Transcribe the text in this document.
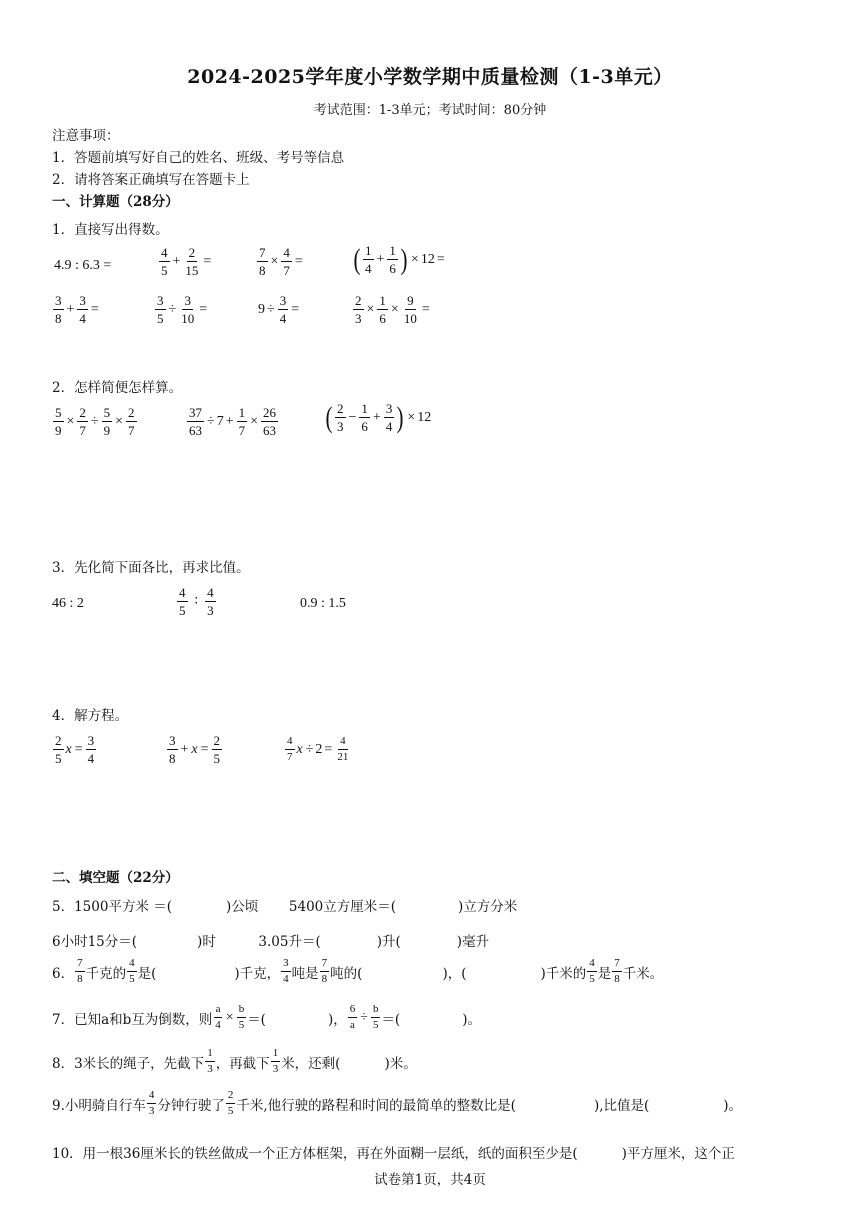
2024-2025学年度小学数学期中质量检测（1-3单元）
考试范围：1-3单元；考试时间：80分钟
注意事项：
1．答题前填写好自己的姓名、班级、考号等信息
2．请将答案正确填写在答题卡上
一、计算题（28分）
1．直接写出得数。
4.9 : 6.3 =	$\frac{4}{5} + \frac{2}{15}$ =	$\frac{7}{8} \times \frac{4}{7}$ = ( $\frac{1}{4} + \frac{1}{6}$ ) × 12 =
$\frac{3}{8} + \frac{3}{4}$ =	$\frac{3}{5} \div \frac{3}{10}$ =	$9 \div \frac{3}{4}$ =	$\frac{2}{3} \times \frac{1}{6} \times \frac{9}{10}$ =
2．怎样简便怎样算。
$\frac{5}{9} \times \frac{2}{7} \div \frac{5}{9} \times \frac{2}{7}$	$\frac{37}{63} \div 7 + \frac{1}{7} \times \frac{26}{63}$ ( $\frac{2}{3} - \frac{1}{6} + \frac{3}{4}$ ) × 12
3．先化简下面各比，再求比值。
46 : 2	$\frac{4}{5}$ ∶ $\frac{4}{3}$	0.9 : 1.5
4．解方程。
$\frac{2}{5}$ $x = \frac{3}{4}$	$\frac{3}{8} + x = \frac{2}{5}$	$\frac{4}{7}$ $x \div 2 = \frac{4}{21}$
二、填空题（22分）
5．1500平方米 ＝(	)公顷 5400立方厘米＝(	)立方分米
6小时15分＝(	)时	3.05升＝(	)升(	)毫升
6． $\frac{7}{8}$ 千克的 $\frac{4}{5}$ 是(	)千克， $\frac{3}{4}$ 吨是 $\frac{7}{8}$ 吨的(	)，(	)千米的 $\frac{4}{5}$ 是 $\frac{7}{8}$ 千米。
7．已知a和b互为倒数，则 $\frac{a}{4} \times \frac{b}{5}$ ＝(	)， $\frac{6}{a} \div \frac{b}{5}$ ＝(	)。
8．3米长的绳子，先截下 $\frac{1}{3}$ ，再截下 $\frac{1}{3}$ 米，还剩(	)米。
9.小明骑自行车 $\frac{4}{3}$ 分钟行驶了 $\frac{2}{5}$ 千米,他行驶的路程和时间的最简单的整数比是(	),比值是(	)。
10．用一根36厘米长的铁丝做成一个正方体框架，再在外面糊一层纸，纸的面积至少是(	)平方厘米，这个正
试卷第1页，共4页
